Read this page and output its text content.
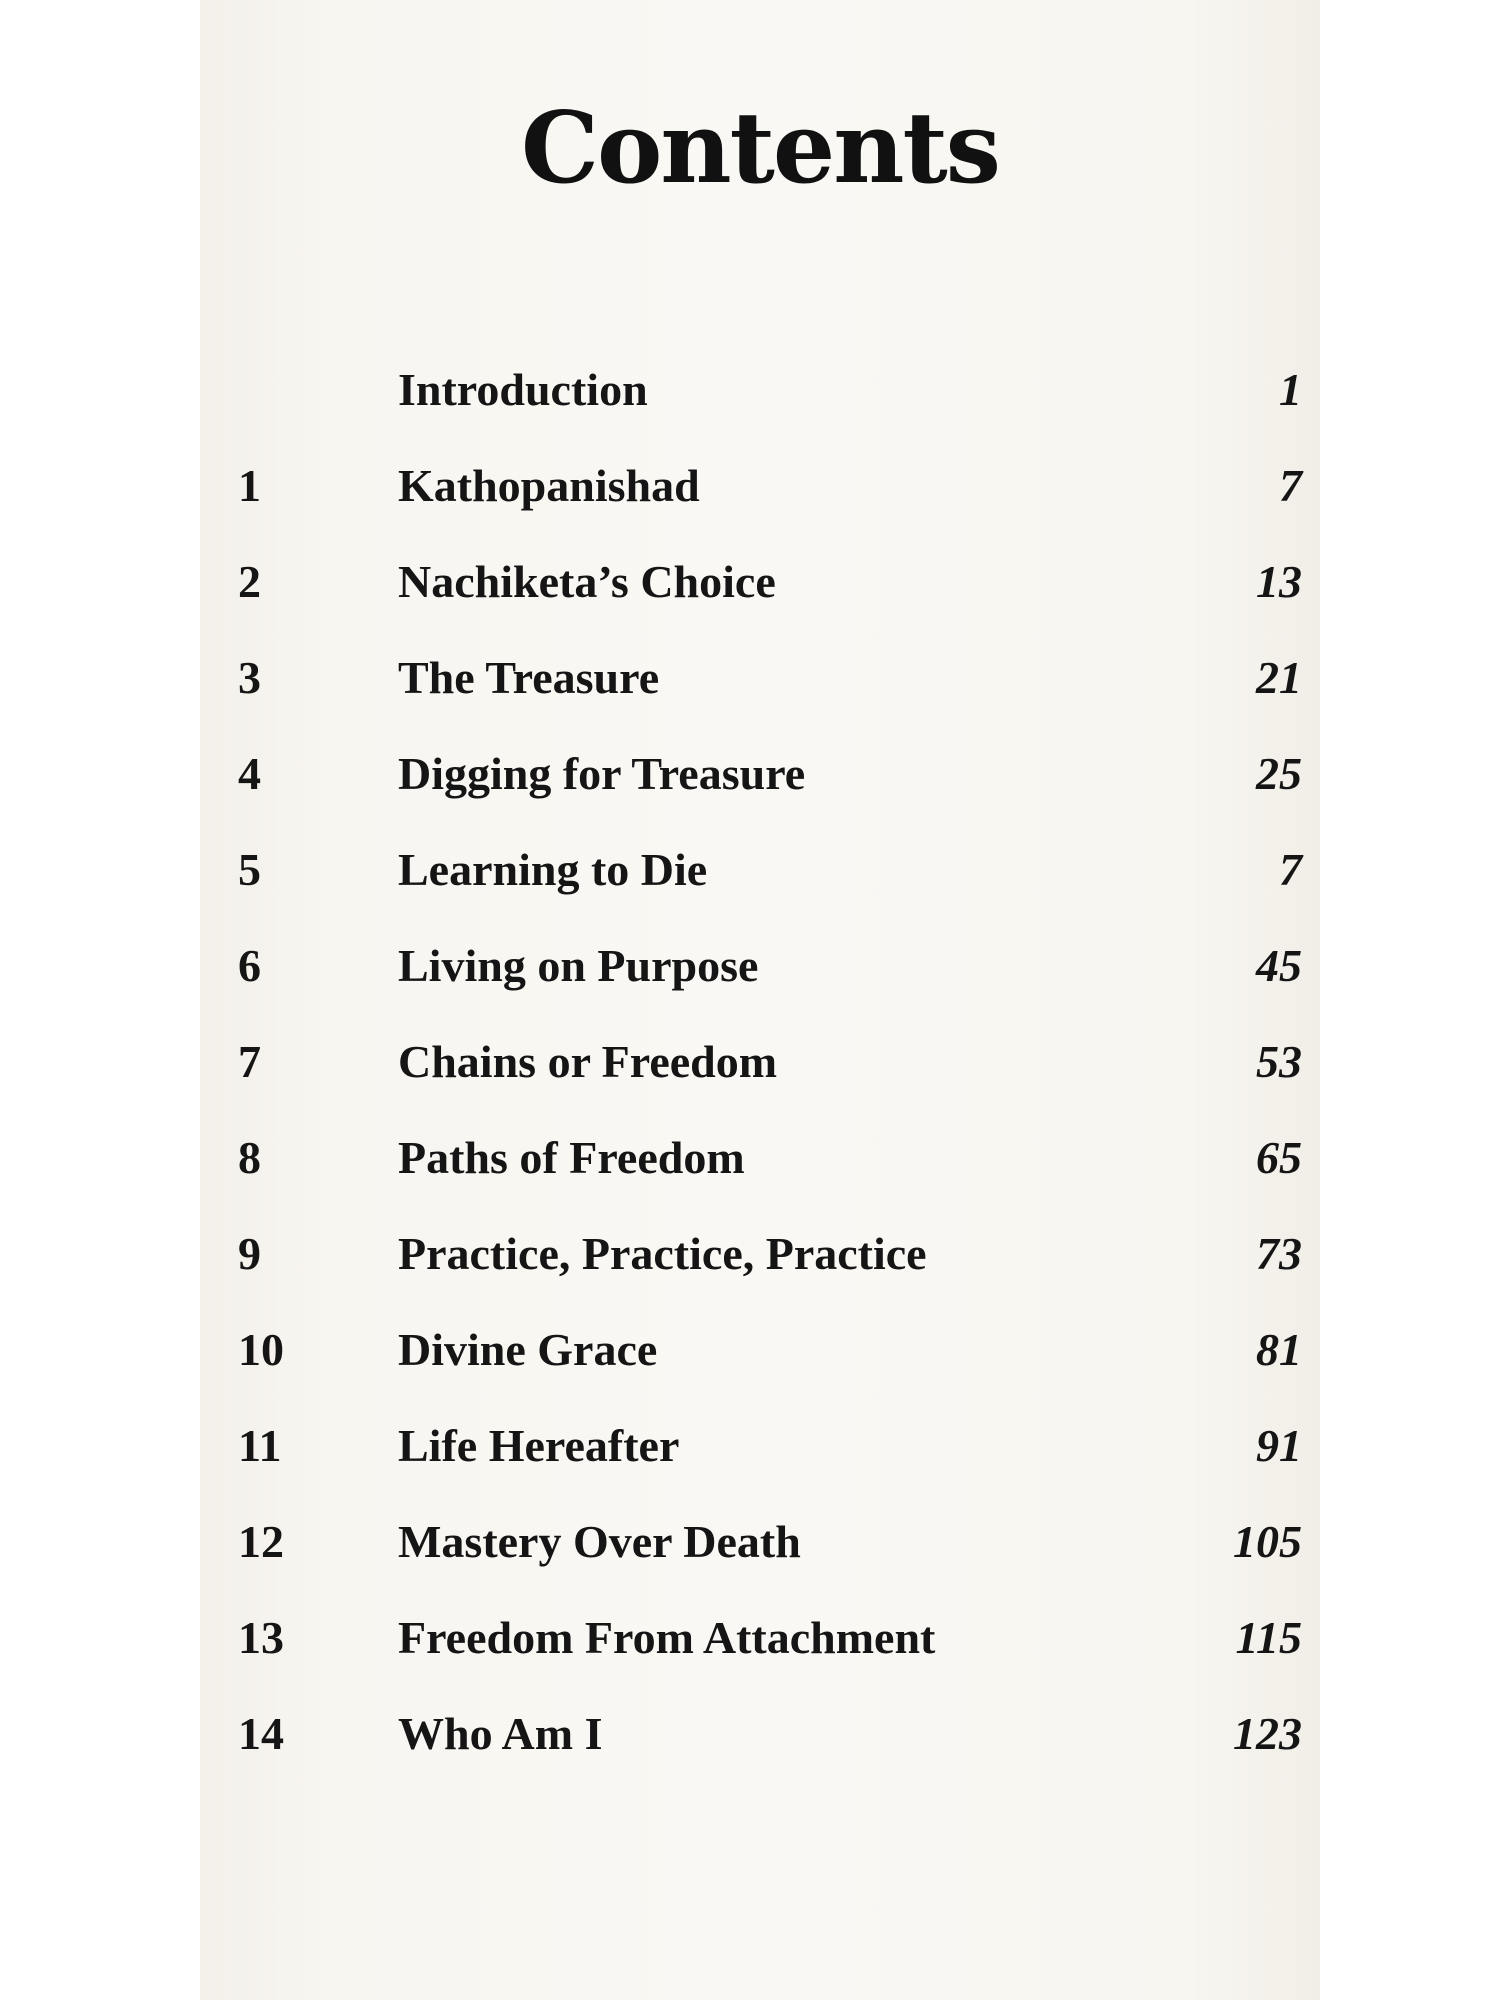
Contents
Introduction	1
1	Kathopanishad	7
2	Nachiketa’s Choice	13
3	The Treasure	21
4	Digging for Treasure	25
5	Learning to Die	7
6	Living on Purpose	45
7	Chains or Freedom	53
8	Paths of Freedom	65
9	Practice, Practice, Practice	73
10 Divine Grace	81
11	Life Hereafter	91
12 Mastery Over Death	105
13 Freedom From Attachment	115
14 Who Am I	123
